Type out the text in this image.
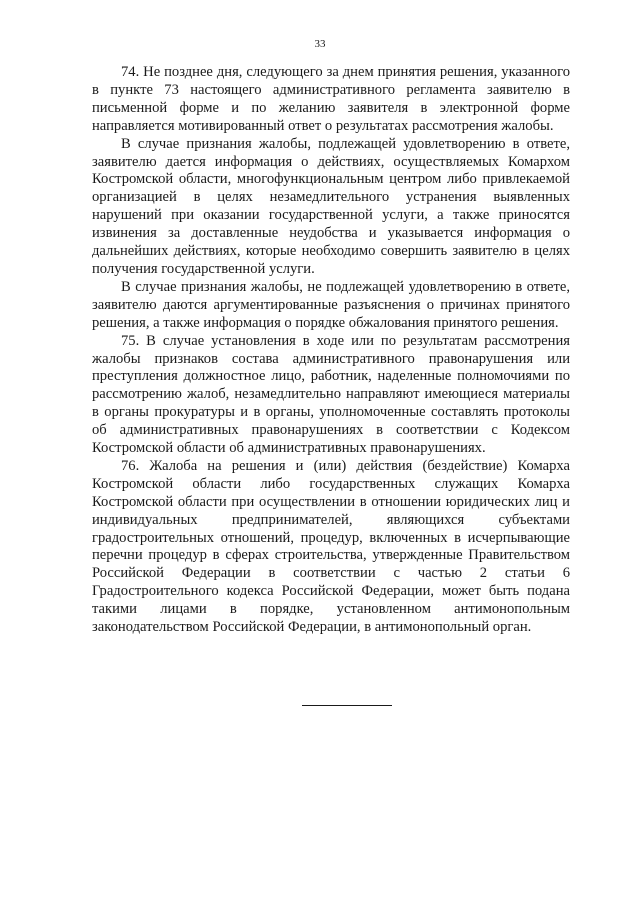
33

74. Не позднее дня, следующего за днем принятия решения, указанного в пункте 73 настоящего административного регламента заявителю в письменной форме и по желанию заявителя в электронной форме направляется мотивированный ответ о результатах рассмотрения жалобы.

В случае признания жалобы, подлежащей удовлетворению в ответе, заявителю дается информация о действиях, осуществляемых Комархом Костромской области, многофункциональным центром либо привлекаемой организацией в целях незамедлительного устранения выявленных нарушений при оказании государственной услуги, а также приносятся извинения за доставленные неудобства и указывается информация о дальнейших действиях, которые необходимо совершить заявителю в целях получения государственной услуги.

В случае признания жалобы, не подлежащей удовлетворению в ответе, заявителю даются аргументированные разъяснения о причинах принятого решения, а также информация о порядке обжалования принятого решения.

75. В случае установления в ходе или по результатам рассмотрения жалобы признаков состава административного правонарушения или преступления должностное лицо, работник, наделенные полномочиями по рассмотрению жалоб, незамедлительно направляют имеющиеся материалы в органы прокуратуры и в органы, уполномоченные составлять протоколы об административных правонарушениях в соответствии с Кодексом Костромской области об административных правонарушениях.

76. Жалоба на решения и (или) действия (бездействие) Комарха Костромской области либо государственных служащих Комарха Костромской области при осуществлении в отношении юридических лиц и индивидуальных предпринимателей, являющихся субъектами градостроительных отношений, процедур, включенных в исчерпывающие перечни процедур в сферах строительства, утвержденные Правительством Российской Федерации в соответствии с частью 2 статьи 6 Градостроительного кодекса Российской Федерации, может быть подана такими лицами в порядке, установленном антимонопольным законодательством Российской Федерации, в антимонопольный орган.
